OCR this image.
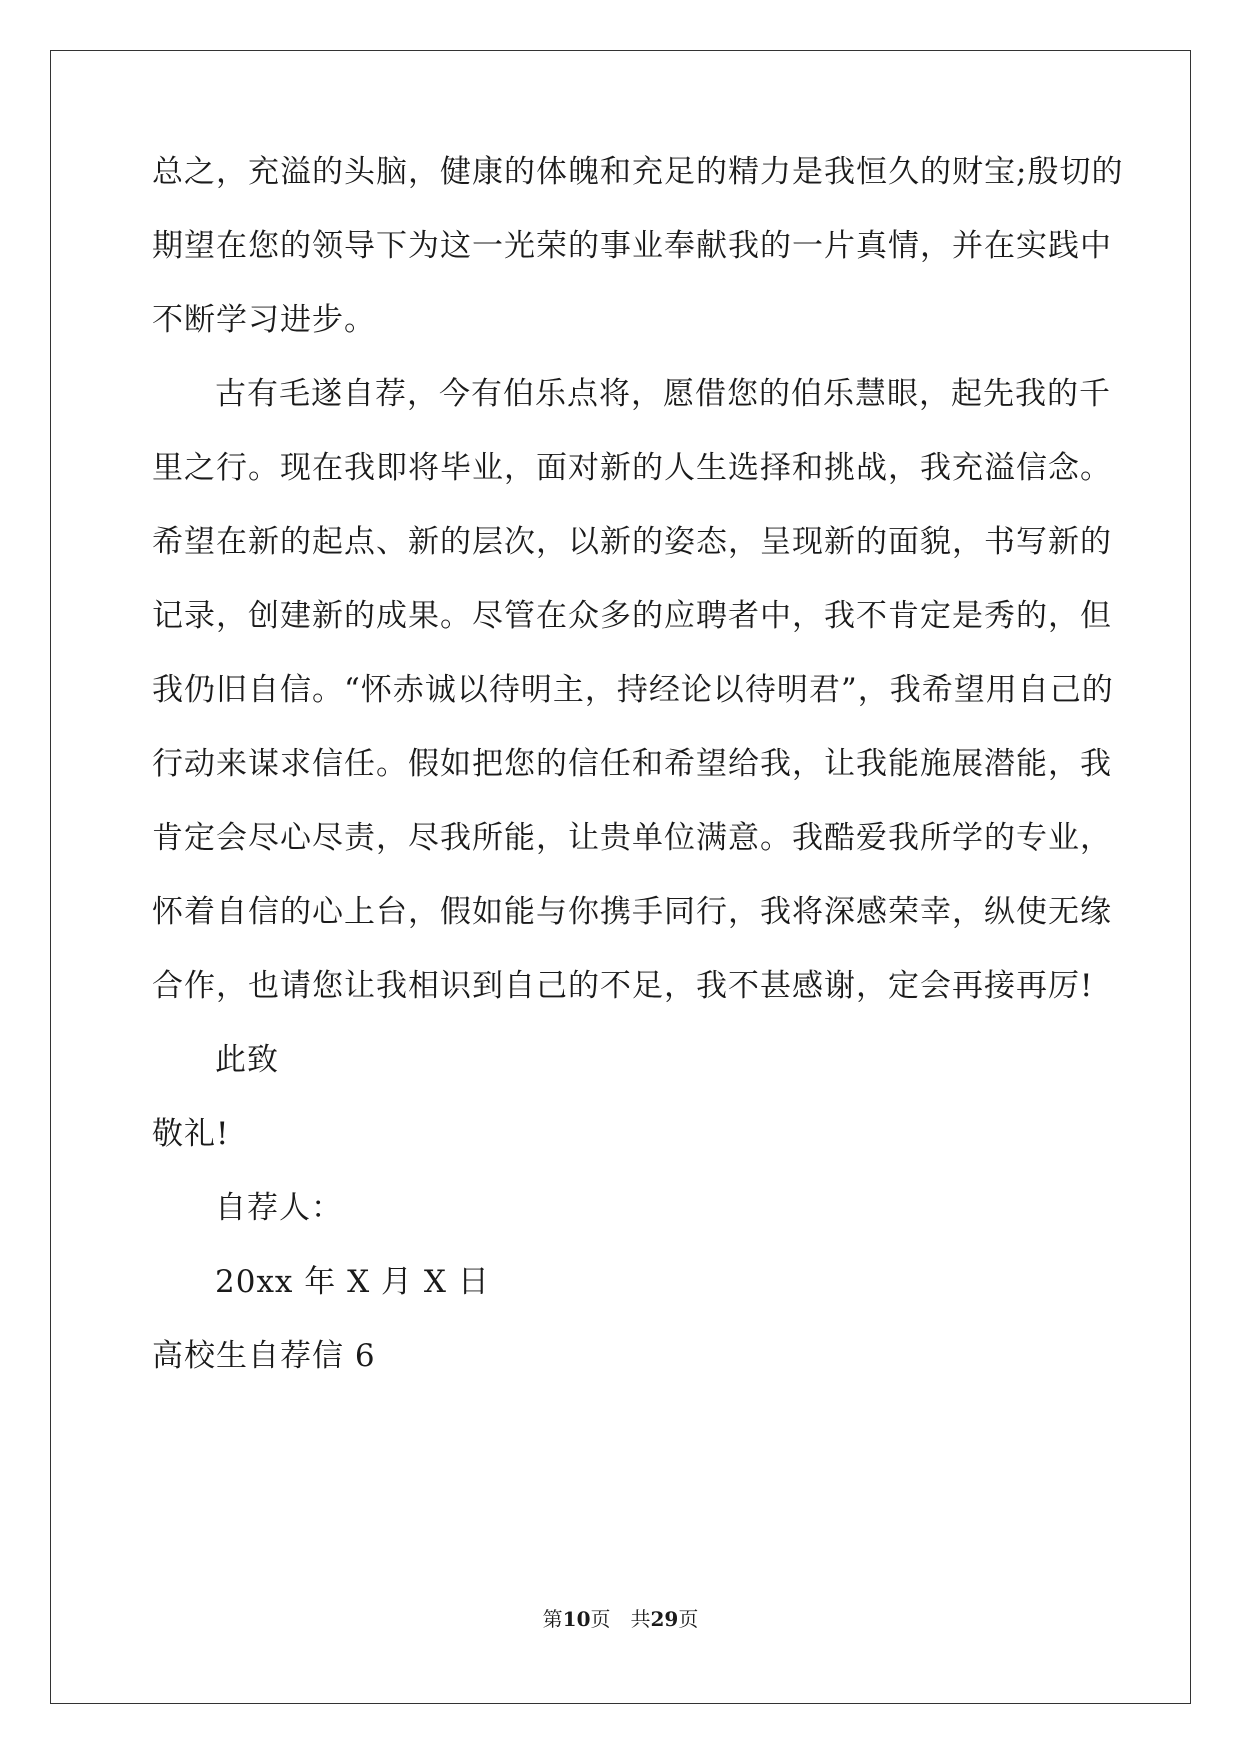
总之，充溢的头脑，健康的体魄和充足的精力是我恒久的财宝;殷切的
期望在您的领导下为这一光荣的事业奉献我的一片真情，并在实践中
不断学习进步。
古有毛遂自荐，今有伯乐点将，愿借您的伯乐慧眼，起先我的千
里之行。现在我即将毕业，面对新的人生选择和挑战，我充溢信念。
希望在新的起点、新的层次，以新的姿态，呈现新的面貌，书写新的
记录，创建新的成果。尽管在众多的应聘者中，我不肯定是秀的，但
我仍旧自信。“怀赤诚以待明主，持经论以待明君”，我希望用自己的
行动来谋求信任。假如把您的信任和希望给我，让我能施展潜能，我
肯定会尽心尽责，尽我所能，让贵单位满意。我酷爱我所学的专业，
怀着自信的心上台，假如能与你携手同行，我将深感荣幸，纵使无缘
合作，也请您让我相识到自己的不足，我不甚感谢，定会再接再厉!
此致
敬礼!
自荐人：
20xx 年 X 月 X 日
高校生自荐信 6
第10页 共29页
